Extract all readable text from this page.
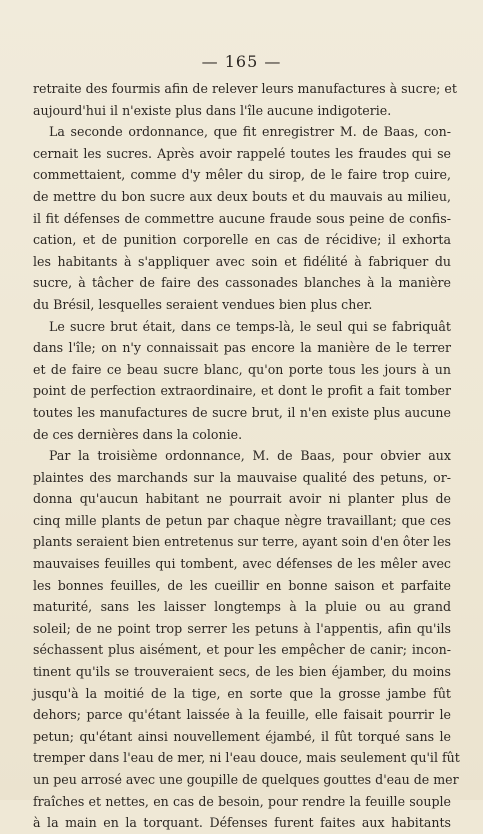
— 165 —
retraite des fourmis afin de relever leurs manufactures à sucre; et
aujourd'hui il n'existe plus dans l'île aucune indigoterie.
La seconde ordonnance, que fit enregistrer M. de Baas, con-
cernait les sucres. Après avoir rappelé toutes les fraudes qui se
commettaient, comme d'y mêler du sirop, de le faire trop cuire,
de mettre du bon sucre aux deux bouts et du mauvais au milieu,
il fit défenses de commettre aucune fraude sous peine de confis-
cation, et de punition corporelle en cas de récidive; il exhorta
les habitants à s'appliquer avec soin et fidélité à fabriquer du
sucre, à tâcher de faire des cassonades blanches à la manière
du Brésil, lesquelles seraient vendues bien plus cher.
Le sucre brut était, dans ce temps-là, le seul qui se fabriquât
dans l'île; on n'y connaissait pas encore la manière de le terrer
et de faire ce beau sucre blanc, qu'on porte tous les jours à un
point de perfection extraordinaire, et dont le profit a fait tomber
toutes les manufactures de sucre brut, il n'en existe plus aucune
de ces dernières dans la colonie.
Par la troisième ordonnance, M. de Baas, pour obvier aux
plaintes des marchands sur la mauvaise qualité des petuns, or-
donna qu'aucun habitant ne pourrait avoir ni planter plus de
cinq mille plants de petun par chaque nègre travaillant; que ces
plants seraient bien entretenus sur terre, ayant soin d'en ôter les
mauvaises feuilles qui tombent, avec défenses de les mêler avec
les bonnes feuilles, de les cueillir en bonne saison et parfaite
maturité, sans les laisser longtemps à la pluie ou au grand
soleil; de ne point trop serrer les petuns à l'appentis, afin qu'ils
séchassent plus aisément, et pour les empêcher de canir; incon-
tinent qu'ils se trouveraient secs, de les bien éjamber, du moins
jusqu'à la moitié de la tige, en sorte que la grosse jambe fût
dehors; parce qu'étant laissée à la feuille, elle faisait pourrir le
petun; qu'étant ainsi nouvellement éjambé, il fût torqué sans le
tremper dans l'eau de mer, ni l'eau douce, mais seulement qu'il fût
un peu arrosé avec une goupille de quelques gouttes d'eau de mer
fraîches et nettes, en cas de besoin, pour rendre la feuille souple
à la main en la torquant. Défenses furent faites aux habitants
